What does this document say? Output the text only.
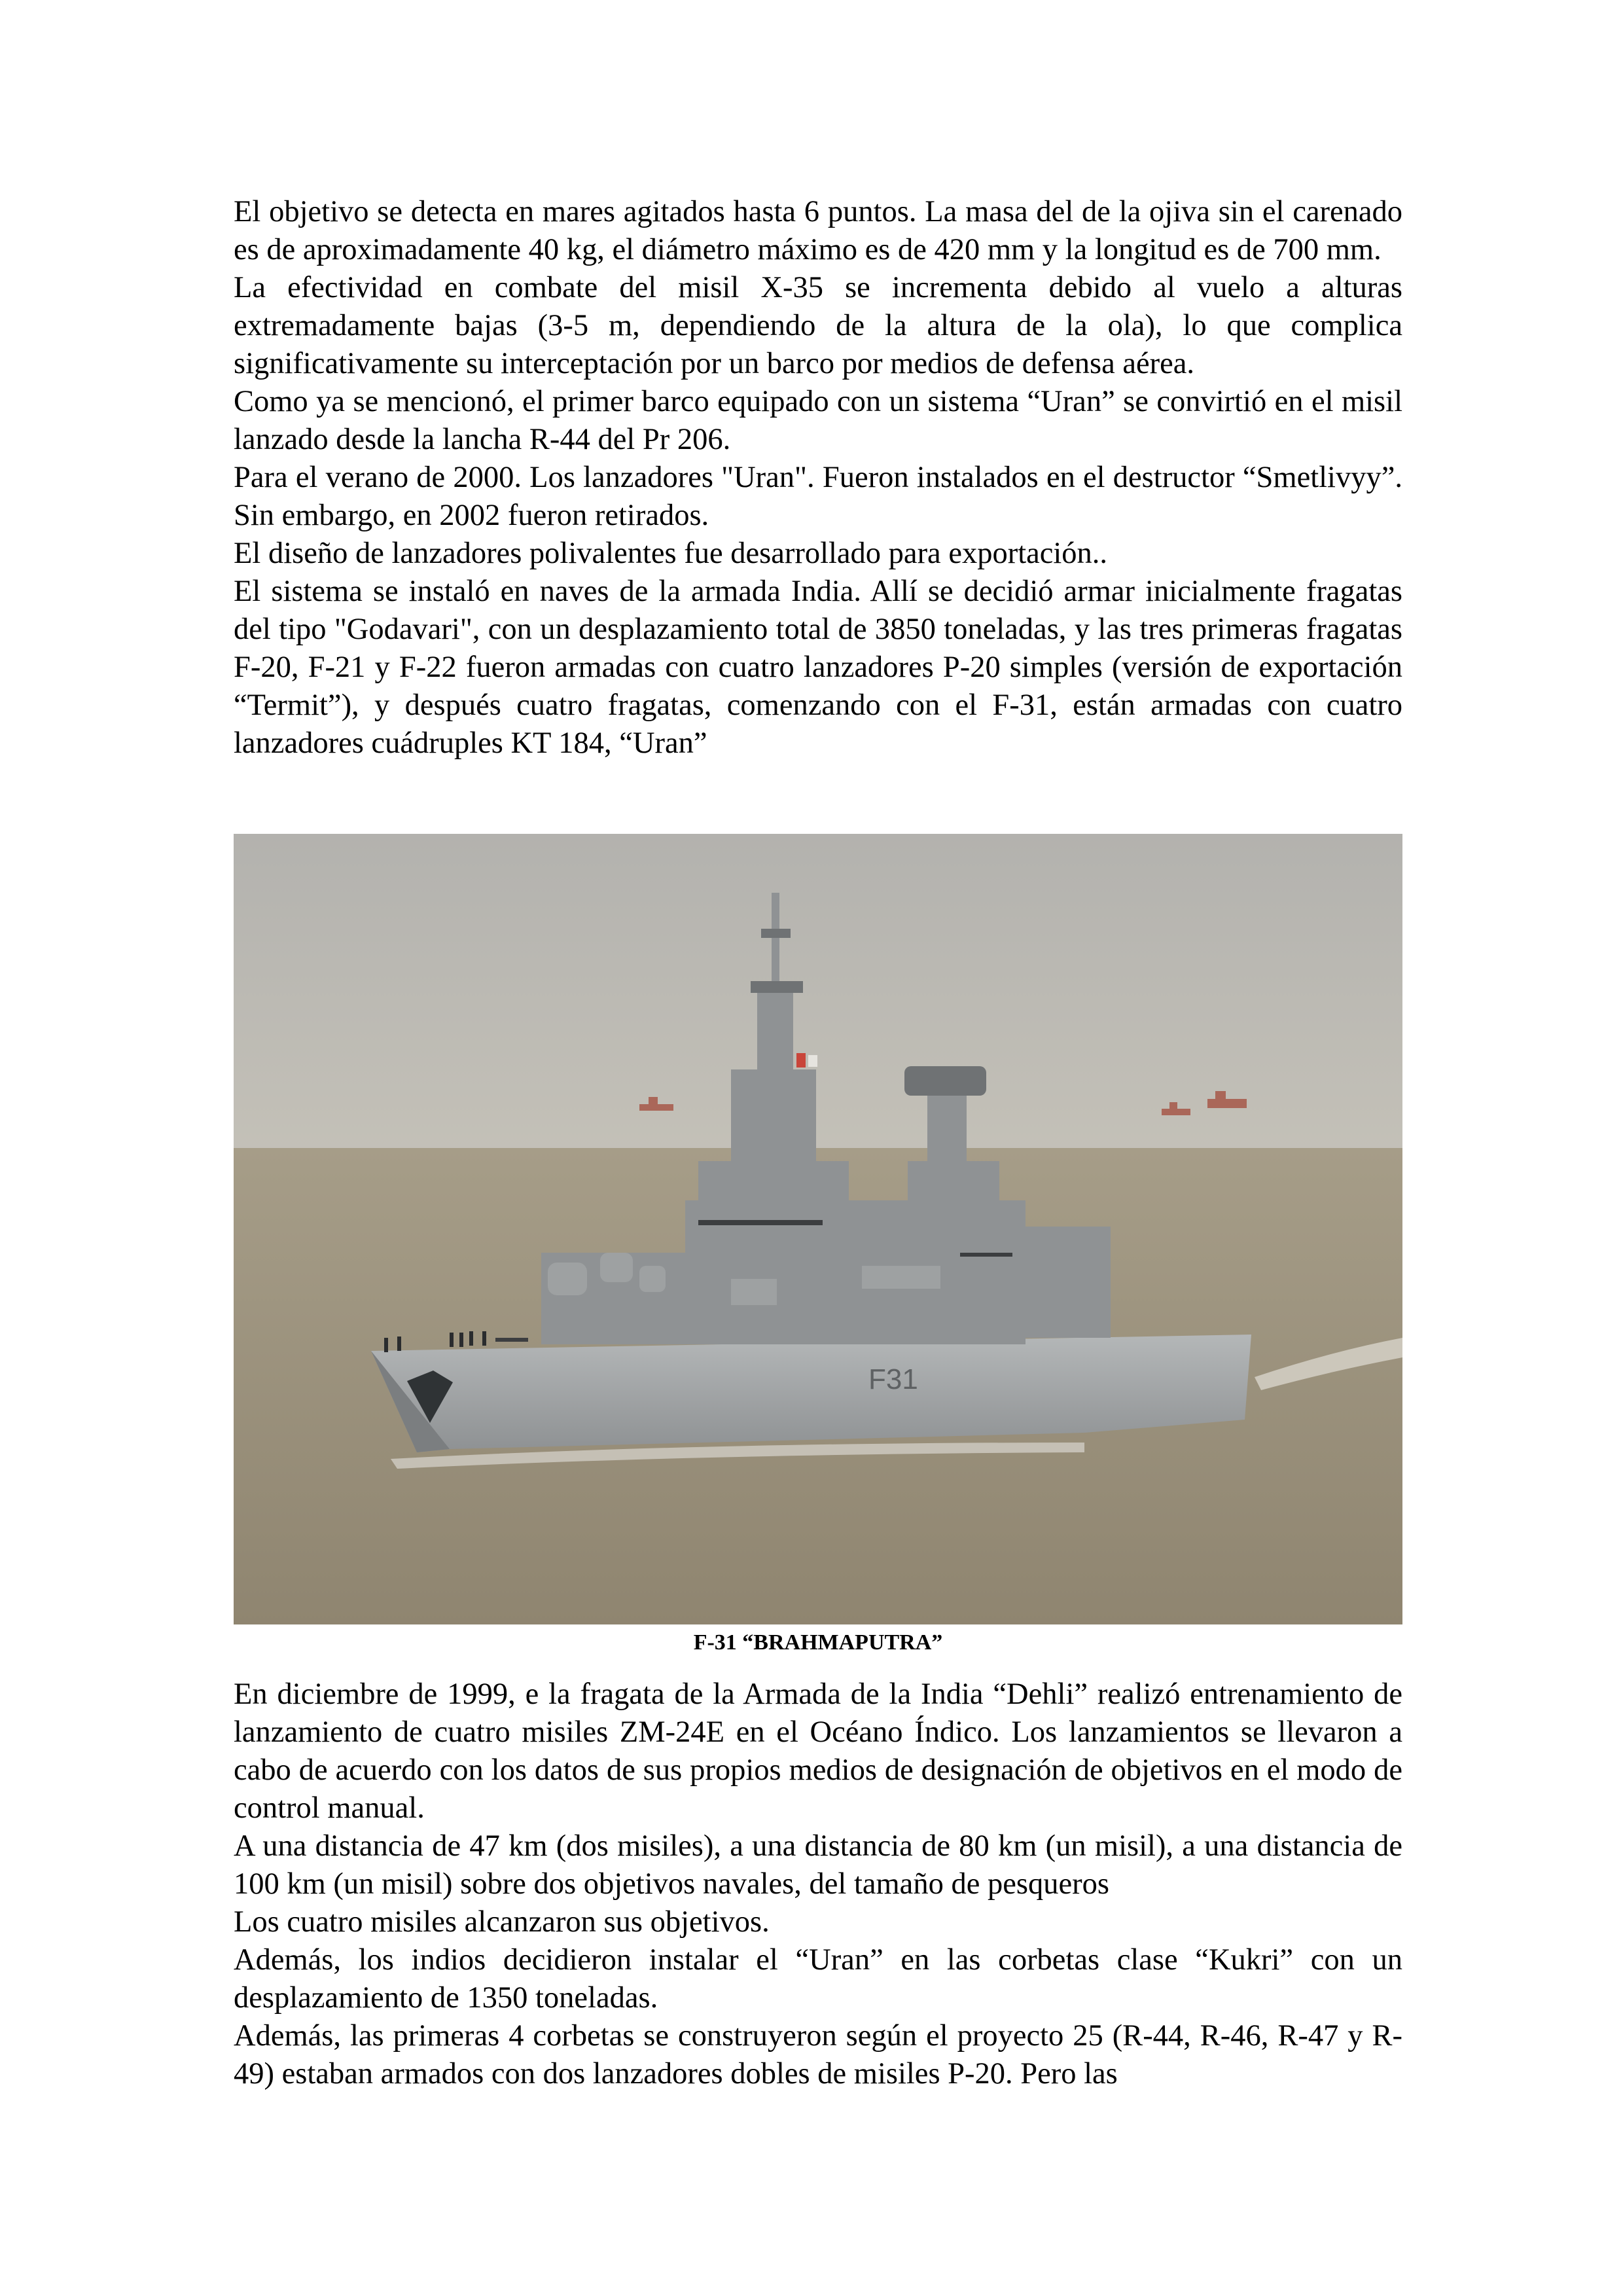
El objetivo se detecta en mares agitados hasta 6 puntos. La masa del de la ojiva sin el carenado es de aproximadamente 40 kg, el diámetro máximo es de 420 mm y la longitud es de 700 mm.

La efectividad en combate del misil X-35 se incrementa debido al vuelo a alturas extremadamente bajas (3-5 m, dependiendo de la altura de la ola), lo que complica significativamente su interceptación por un barco por medios de defensa aérea.

Como ya se mencionó, el primer barco equipado con un sistema “Uran” se convirtió en el misil lanzado desde la lancha R-44 del Pr 206.

Para el verano de 2000. Los lanzadores "Uran". Fueron instalados en el destructor “Smetlivyy”. Sin embargo, en 2002 fueron retirados.

El diseño de lanzadores polivalentes fue desarrollado para exportación..

El sistema se instaló en naves de la armada India. Allí se decidió armar inicialmente fragatas del tipo "Godavari", con un desplazamiento total de 3850 toneladas, y las tres primeras fragatas F-20, F-21 y F-22 fueron armadas con cuatro lanzadores P-20 simples (versión de exportación “Termit”), y después cuatro fragatas, comenzando con el F-31, están armadas con cuatro lanzadores cuádruples KT 184, “Uran”

F31
F-31 “BRAHMAPUTRA”

En diciembre de 1999, e la fragata de la Armada de la India “Dehli” realizó entrenamiento de lanzamiento de cuatro misiles ZM-24E en el Océano Índico. Los lanzamientos se llevaron a cabo de acuerdo con los datos de sus propios medios de designación de objetivos en el modo de control manual.

A una distancia de 47 km (dos misiles), a una distancia de 80 km (un misil), a una distancia de 100 km (un misil) sobre dos objetivos navales, del tamaño de pesqueros

Los cuatro misiles alcanzaron sus objetivos.

Además, los indios decidieron instalar el “Uran” en las corbetas clase “Kukri” con un desplazamiento de 1350 toneladas.

Además, las primeras 4 corbetas se construyeron según el proyecto 25 (R-44, R-46, R-47 y R-49) estaban armados con dos lanzadores dobles de misiles P-20. Pero las
